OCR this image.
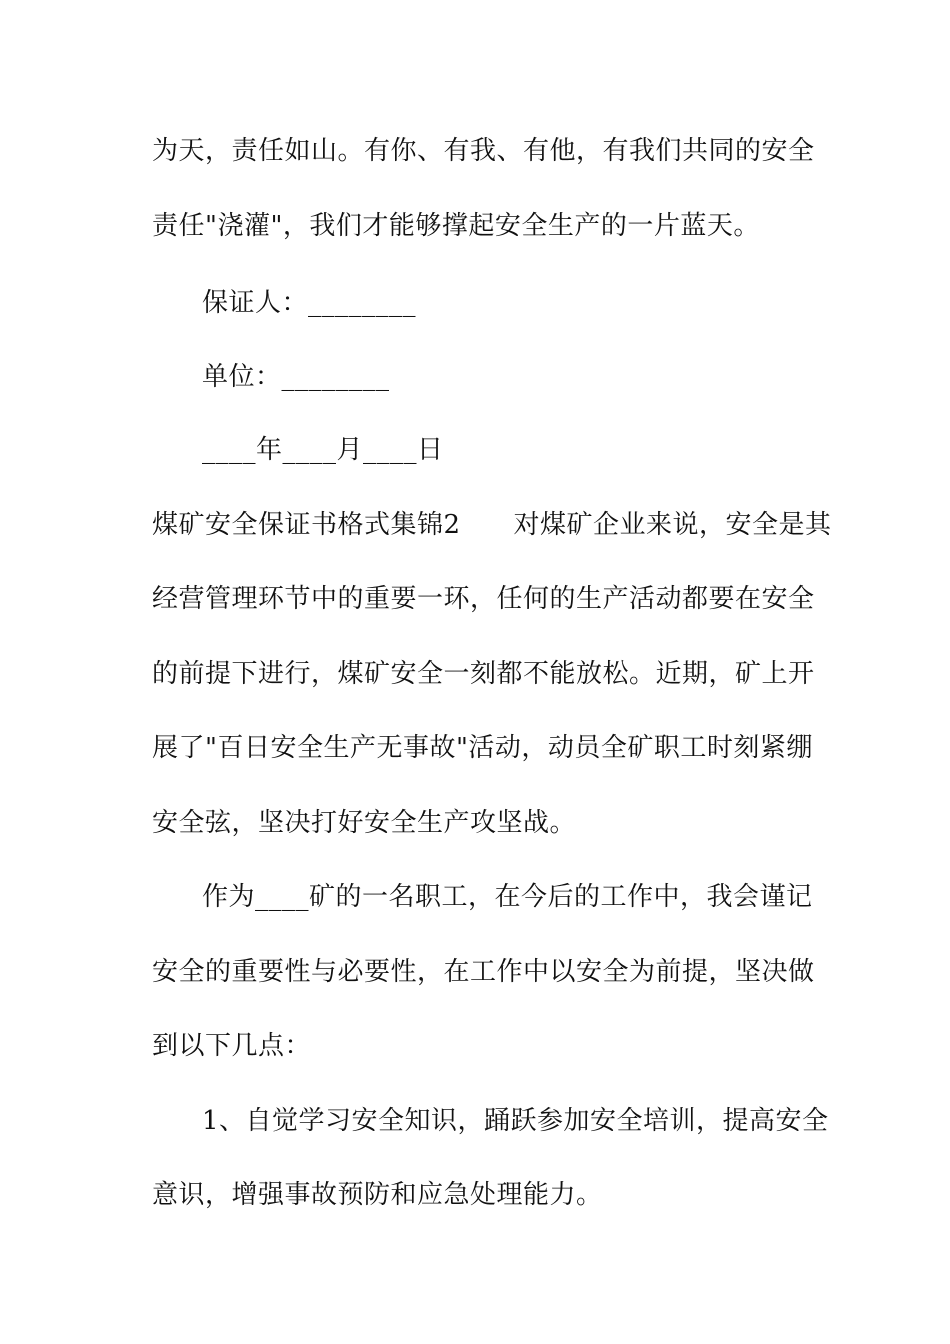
为天，责任如山。有你、有我、有他，有我们共同的安全
责任"浇灌"，我们才能够撑起安全生产的一片蓝天。
保证人：________
单位：________
____年____月____日
煤矿安全保证书格式集锦2　　对煤矿企业来说，安全是其
经营管理环节中的重要一环，任何的生产活动都要在安全
的前提下进行，煤矿安全一刻都不能放松。近期，矿上开
展了"百日安全生产无事故"活动，动员全矿职工时刻紧绷
安全弦，坚决打好安全生产攻坚战。
作为____矿的一名职工，在今后的工作中，我会谨记
安全的重要性与必要性，在工作中以安全为前提，坚决做
到以下几点：
1、自觉学习安全知识，踊跃参加安全培训，提高安全
意识，增强事故预防和应急处理能力。
